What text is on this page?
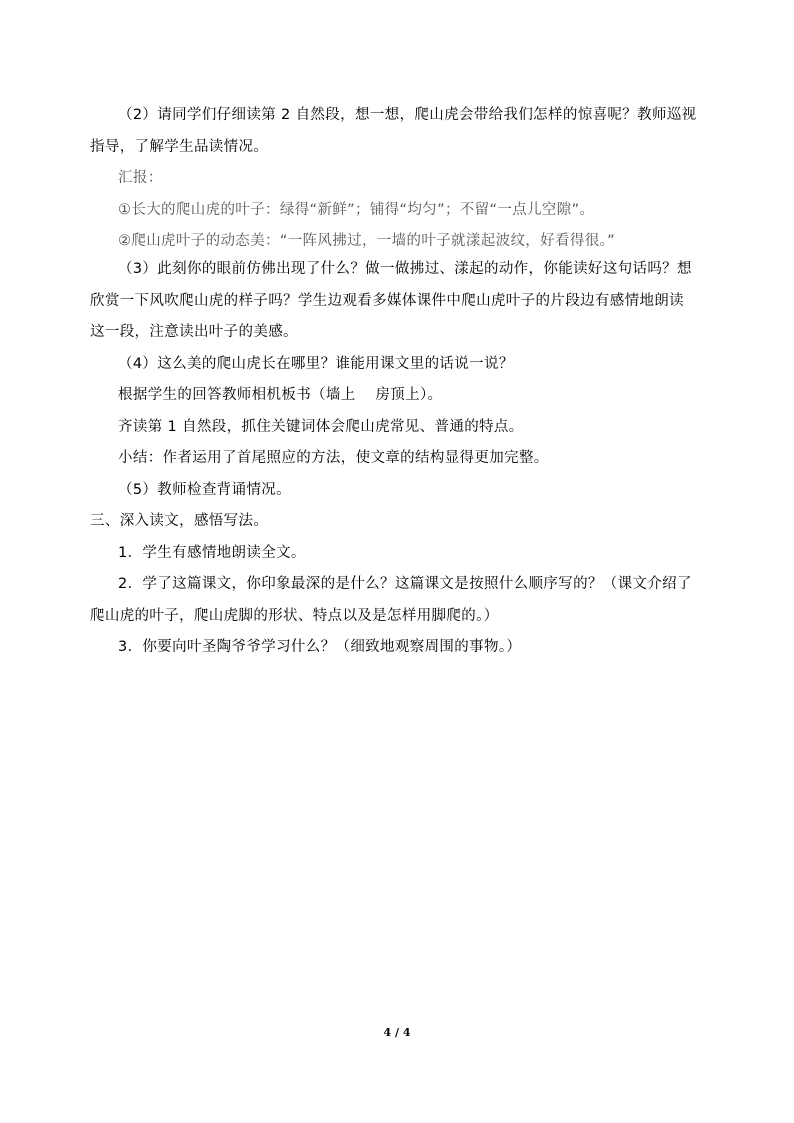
（2）请同学们仔细读第 2 自然段，想一想，爬山虎会带给我们怎样的惊喜呢？教师巡视
指导，了解学生品读情况。
汇报：
①长大的爬山虎的叶子：绿得“新鲜”；铺得“均匀”；不留“一点儿空隙”。
②爬山虎叶子的动态美：“一阵风拂过，一墙的叶子就漾起波纹，好看得很。”
（3）此刻你的眼前仿佛出现了什么？做一做拂过、漾起的动作，你能读好这句话吗？想
欣赏一下风吹爬山虎的样子吗？学生边观看多媒体课件中爬山虎叶子的片段边有感情地朗读
这一段，注意读出叶子的美感。
（4）这么美的爬山虎长在哪里？谁能用课文里的话说一说？
根据学生的回答教师相机板书（墙上　 房顶上）。
齐读第 1 自然段，抓住关键词体会爬山虎常见、普通的特点。
小结：作者运用了首尾照应的方法，使文章的结构显得更加完整。
（5）教师检查背诵情况。
三、深入读文，感悟写法。
1．学生有感情地朗读全文。
2．学了这篇课文，你印象最深的是什么？这篇课文是按照什么顺序写的？（课文介绍了
爬山虎的叶子，爬山虎脚的形状、特点以及是怎样用脚爬的。）
3．你要向叶圣陶爷爷学习什么？（细致地观察周围的事物。）
4 / 4
